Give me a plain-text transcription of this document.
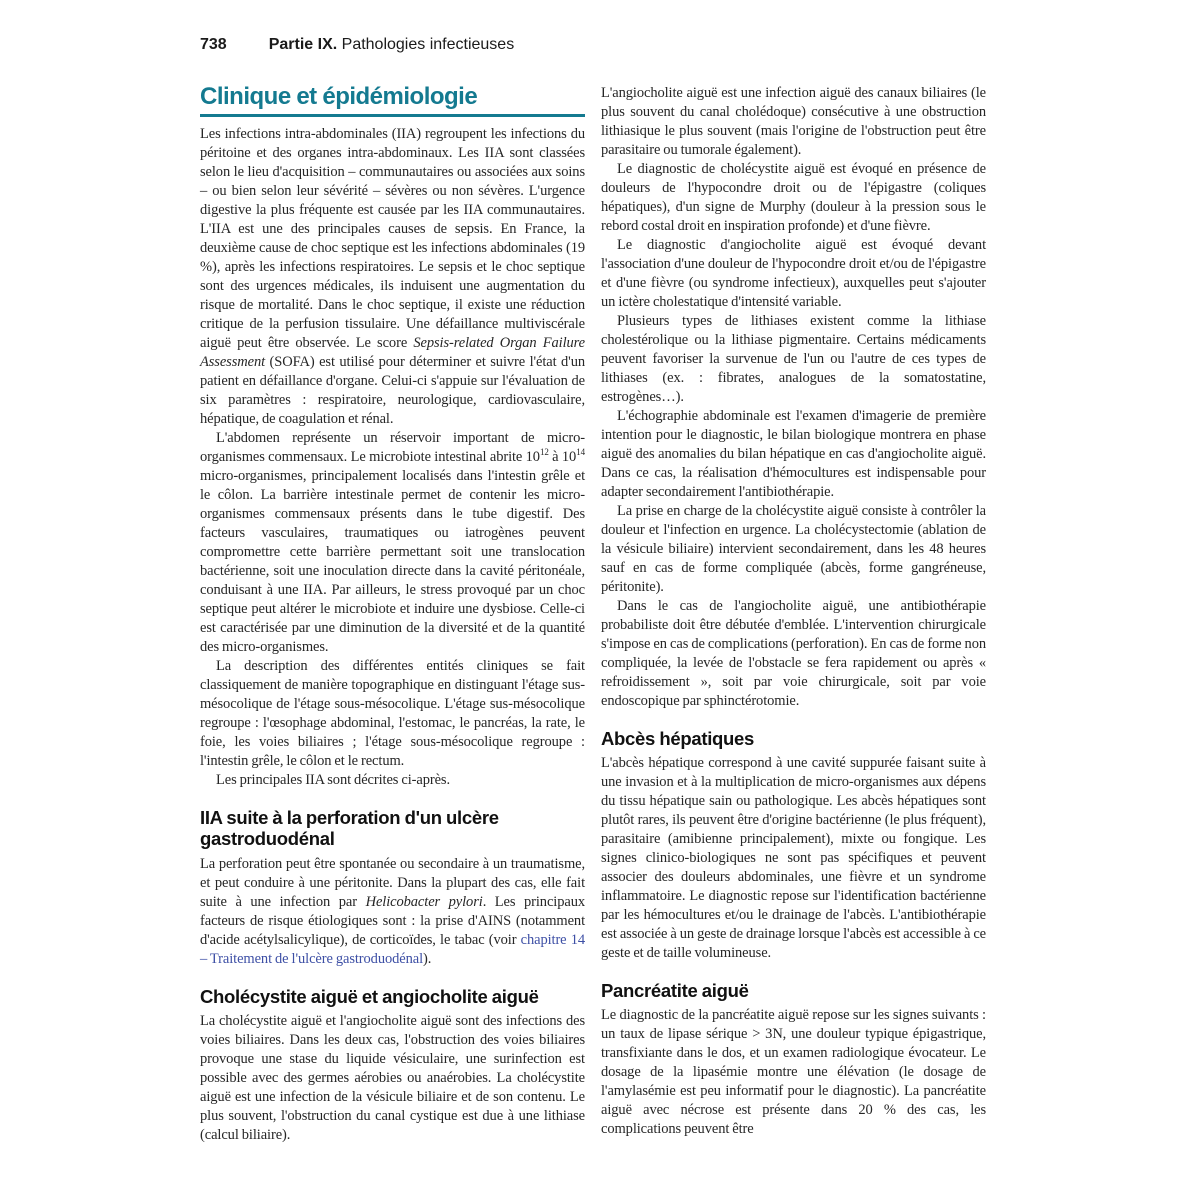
738	Partie IX. Pathologies infectieuses
Clinique et épidémiologie

Les infections intra-abdominales (IIA) regroupent les infections du péritoine et des organes intra-abdominaux. Les IIA sont classées selon le lieu d'acquisition – communautaires ou associées aux soins – ou bien selon leur sévérité – sévères ou non sévères. L'urgence digestive la plus fréquente est causée par les IIA communautaires. L'IIA est une des principales causes de sepsis. En France, la deuxième cause de choc septique est les infections abdominales (19 %), après les infections respiratoires. Le sepsis et le choc septique sont des urgences médicales, ils induisent une augmentation du risque de mortalité. Dans le choc septique, il existe une réduction critique de la perfusion tissulaire. Une défaillance multiviscérale aiguë peut être observée. Le score Sepsis-related Organ Failure Assessment (SOFA) est utilisé pour déterminer et suivre l'état d'un patient en défaillance d'organe. Celui-ci s'appuie sur l'évaluation de six paramètres : respiratoire, neurologique, cardiovasculaire, hépatique, de coagulation et rénal.

L'abdomen représente un réservoir important de micro-organismes commensaux. Le microbiote intestinal abrite $10^{12}$ à $10^{14}$ micro-organismes, principalement localisés dans l'intestin grêle et le côlon. La barrière intestinale permet de contenir les micro-organismes commensaux présents dans le tube digestif. Des facteurs vasculaires, traumatiques ou iatrogènes peuvent compromettre cette barrière permettant soit une translocation bactérienne, soit une inoculation directe dans la cavité péritonéale, conduisant à une IIA. Par ailleurs, le stress provoqué par un choc septique peut altérer le microbiote et induire une dysbiose. Celle-ci est caractérisée par une diminution de la diversité et de la quantité des micro-organismes.

La description des différentes entités cliniques se fait classiquement de manière topographique en distinguant l'étage sus-mésocolique de l'étage sous-mésocolique. L'étage sus-mésocolique regroupe : l'œsophage abdominal, l'estomac, le pancréas, la rate, le foie, les voies biliaires ; l'étage sous-mésocolique regroupe : l'intestin grêle, le côlon et le rectum.

Les principales IIA sont décrites ci-après.

IIA suite à la perforation d'un ulcère gastroduodénal

La perforation peut être spontanée ou secondaire à un traumatisme, et peut conduire à une péritonite. Dans la plupart des cas, elle fait suite à une infection par Helicobacter pylori. Les principaux facteurs de risque étiologiques sont : la prise d'AINS (notamment d'acide acétylsalicylique), de corticoïdes, le tabac (voir chapitre 14 – Traitement de l'ulcère gastroduodénal).

Cholécystite aiguë et angiocholite aiguë

La cholécystite aiguë et l'angiocholite aiguë sont des infections des voies biliaires. Dans les deux cas, l'obstruction des voies biliaires provoque une stase du liquide vésiculaire, une surinfection est possible avec des germes aérobies ou anaérobies. La cholécystite aiguë est une infection de la vésicule biliaire et de son contenu. Le plus souvent, l'obstruction du canal cystique est due à une lithiase (calcul biliaire).

L'angiocholite aiguë est une infection aiguë des canaux biliaires (le plus souvent du canal cholédoque) consécutive à une obstruction lithiasique le plus souvent (mais l'origine de l'obstruction peut être parasitaire ou tumorale également).

Le diagnostic de cholécystite aiguë est évoqué en présence de douleurs de l'hypocondre droit ou de l'épigastre (coliques hépatiques), d'un signe de Murphy (douleur à la pression sous le rebord costal droit en inspiration profonde) et d'une fièvre.

Le diagnostic d'angiocholite aiguë est évoqué devant l'association d'une douleur de l'hypocondre droit et/ou de l'épigastre et d'une fièvre (ou syndrome infectieux), auxquelles peut s'ajouter un ictère cholestatique d'intensité variable.

Plusieurs types de lithiases existent comme la lithiase cholestérolique ou la lithiase pigmentaire. Certains médicaments peuvent favoriser la survenue de l'un ou l'autre de ces types de lithiases (ex. : fibrates, analogues de la somatostatine, estrogènes…).

L'échographie abdominale est l'examen d'imagerie de première intention pour le diagnostic, le bilan biologique montrera en phase aiguë des anomalies du bilan hépatique en cas d'angiocholite aiguë. Dans ce cas, la réalisation d'hémocultures est indispensable pour adapter secondairement l'antibiothérapie.

La prise en charge de la cholécystite aiguë consiste à contrôler la douleur et l'infection en urgence. La cholécystectomie (ablation de la vésicule biliaire) intervient secondairement, dans les 48 heures sauf en cas de forme compliquée (abcès, forme gangréneuse, péritonite).

Dans le cas de l'angiocholite aiguë, une antibiothérapie probabiliste doit être débutée d'emblée. L'intervention chirurgicale s'impose en cas de complications (perforation). En cas de forme non compliquée, la levée de l'obstacle se fera rapidement ou après « refroidissement », soit par voie chirurgicale, soit par voie endoscopique par sphinctérotomie.

Abcès hépatiques

L'abcès hépatique correspond à une cavité suppurée faisant suite à une invasion et à la multiplication de micro-organismes aux dépens du tissu hépatique sain ou pathologique. Les abcès hépatiques sont plutôt rares, ils peuvent être d'origine bactérienne (le plus fréquent), parasitaire (amibienne principalement), mixte ou fongique. Les signes clinico-biologiques ne sont pas spécifiques et peuvent associer des douleurs abdominales, une fièvre et un syndrome inflammatoire. Le diagnostic repose sur l'identification bactérienne par les hémocultures et/ou le drainage de l'abcès. L'antibiothérapie est associée à un geste de drainage lorsque l'abcès est accessible à ce geste et de taille volumineuse.

Pancréatite aiguë

Le diagnostic de la pancréatite aiguë repose sur les signes suivants : un taux de lipase sérique > 3N, une douleur typique épigastrique, transfixiante dans le dos, et un examen radiologique évocateur. Le dosage de la lipasémie montre une élévation (le dosage de l'amylasémie est peu informatif pour le diagnostic). La pancréatite aiguë avec nécrose est présente dans 20 % des cas, les complications peuvent être
